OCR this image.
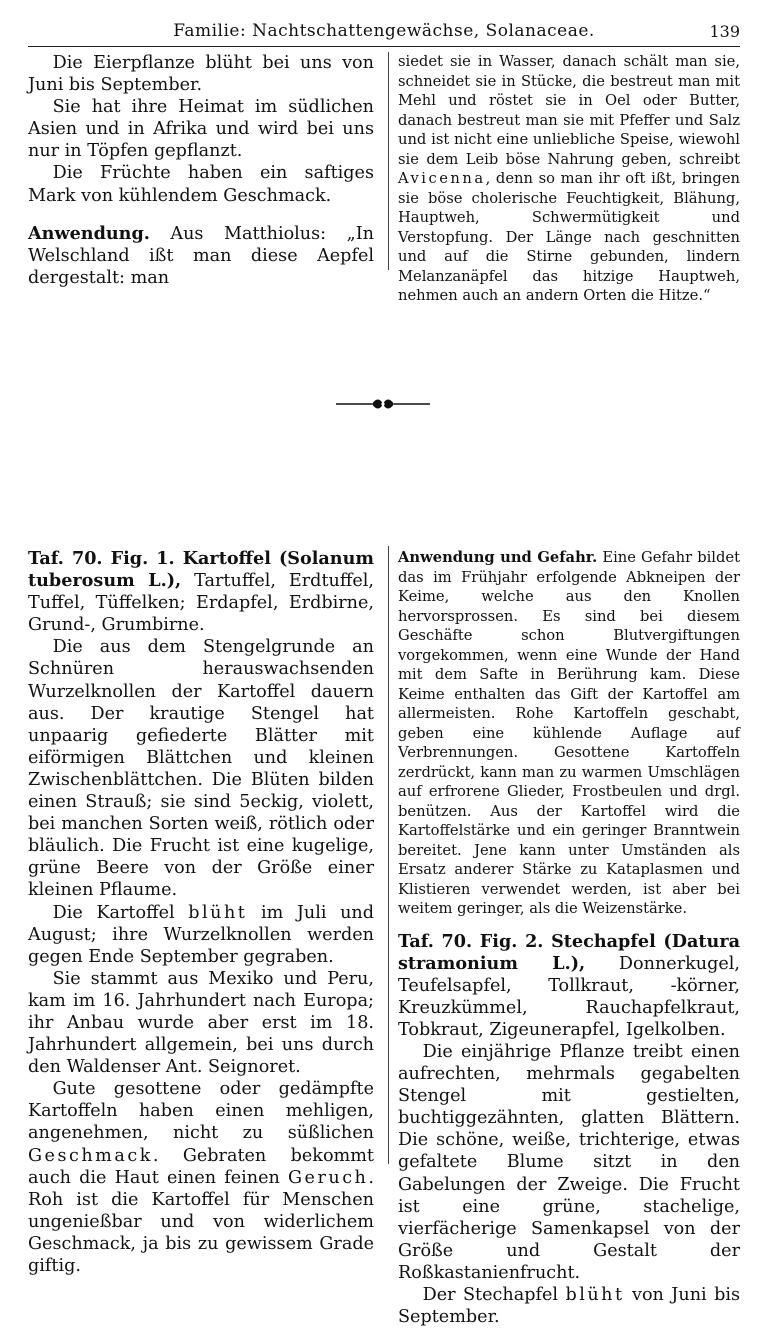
Familie: Nachtschattengewächse, Solanaceae.	139

Die Eierpflanze blüht bei uns von Juni bis September.

Sie hat ihre Heimat im südlichen Asien und in Afrika und wird bei uns nur in Töpfen gepflanzt.

Die Früchte haben ein saftiges Mark von kühlendem Geschmack.

Anwendung. Aus Matthiolus: „In Welschland ißt man diese Aepfel dergestalt: man

siedet sie in Wasser, danach schält man sie, schneidet sie in Stücke, die bestreut man mit Mehl und röstet sie in Oel oder Butter, danach bestreut man sie mit Pfeffer und Salz und ist nicht eine unliebliche Speise, wiewohl sie dem Leib böse Nahrung geben, schreibt Avicenna, denn so man ihr oft ißt, bringen sie böse cholerische Feuchtigkeit, Blähung, Hauptweh, Schwermütigkeit und Verstopfung. Der Länge nach geschnitten und auf die Stirne gebunden, lindern Melanzanäpfel das hitzige Hauptweh, nehmen auch an andern Orten die Hitze.“

Taf. 70. Fig. 1. Kartoffel (Solanum tuberosum L.), Tartuffel, Erdtuffel, Tuffel, Tüffelken; Erdapfel, Erdbirne, Grund-, Grumbirne.

Die aus dem Stengelgrunde an Schnüren herauswachsenden Wurzelknollen der Kartoffel dauern aus. Der krautige Stengel hat unpaarig gefiederte Blätter mit eiförmigen Blättchen und kleinen Zwischenblättchen. Die Blüten bilden einen Strauß; sie sind 5eckig, violett, bei manchen Sorten weiß, rötlich oder bläulich. Die Frucht ist eine kugelige, grüne Beere von der Größe einer kleinen Pflaume.

Die Kartoffel blüht im Juli und August; ihre Wurzelknollen werden gegen Ende September gegraben.

Sie stammt aus Mexiko und Peru, kam im 16. Jahrhundert nach Europa; ihr Anbau wurde aber erst im 18. Jahrhundert allgemein, bei uns durch den Waldenser Ant. Seignoret.

Gute gesottene oder gedämpfte Kartoffeln haben einen mehligen, angenehmen, nicht zu süßlichen Geschmack. Gebraten bekommt auch die Haut einen feinen Geruch. Roh ist die Kartoffel für Menschen ungenießbar und von widerlichem Geschmack, ja bis zu gewissem Grade giftig.

Anwendung und Gefahr. Eine Gefahr bildet das im Frühjahr erfolgende Abkneipen der Keime, welche aus den Knollen hervorsprossen. Es sind bei diesem Geschäfte schon Blutvergiftungen vorgekommen, wenn eine Wunde der Hand mit dem Safte in Berührung kam. Diese Keime enthalten das Gift der Kartoffel am allermeisten. Rohe Kartoffeln geschabt, geben eine kühlende Auflage auf Verbrennungen. Gesottene Kartoffeln zerdrückt, kann man zu warmen Umschlägen auf erfrorene Glieder, Frostbeulen und drgl. benützen. Aus der Kartoffel wird die Kartoffelstärke und ein geringer Branntwein bereitet. Jene kann unter Umständen als Ersatz anderer Stärke zu Kataplasmen und Klistieren verwendet werden, ist aber bei weitem geringer, als die Weizenstärke.

Taf. 70. Fig. 2. Stechapfel (Datura stramonium L.), Donnerkugel, Teufelsapfel, Tollkraut, -körner, Kreuzkümmel, Rauchapfelkraut, Tobkraut, Zigeunerapfel, Igelkolben.

Die einjährige Pflanze treibt einen aufrechten, mehrmals gegabelten Stengel mit gestielten, buchtiggezähnten, glatten Blättern. Die schöne, weiße, trichterige, etwas gefaltete Blume sitzt in den Gabelungen der Zweige. Die Frucht ist eine grüne, stachelige, vierfächerige Samenkapsel von der Größe und Gestalt der Roßkastanienfrucht.

Der Stechapfel blüht von Juni bis September.
